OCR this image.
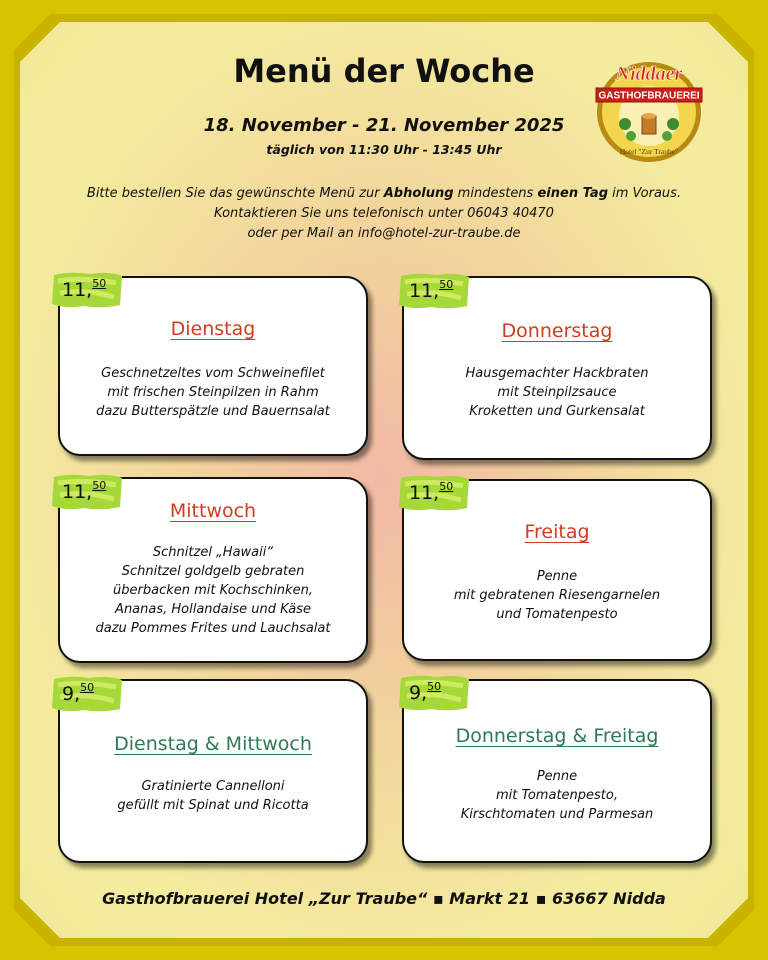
Menü der Woche
18. November - 21. November 2025
täglich von 11:30 Uhr - 13:45 Uhr
Bitte bestellen Sie das gewünschte Menü zur Abholung mindestens einen Tag im Voraus.
Kontaktieren Sie uns telefonisch unter 06043 40470
oder per Mail an info@hotel-zur-traube.de
GASTHOFBRAUEREI
Niddaer
Hotel "Zur Traube"
Dienstag
Geschnetzeltes vom Schweinefilet
mit frischen Steinpilzen in Rahm
dazu Butterspätzle und Bauernsalat
11,50
Donnerstag
Hausgemachter Hackbraten
mit Steinpilzsauce
Kroketten und Gurkensalat
11,50
Mittwoch
Schnitzel „Hawaii“
Schnitzel goldgelb gebraten
überbacken mit Kochschinken,
Ananas, Hollandaise und Käse
dazu Pommes Frites und Lauchsalat
11,50
Freitag
Penne
mit gebratenen Riesengarnelen
und Tomatenpesto
11,50
Dienstag & Mittwoch
Gratinierte Cannelloni
gefüllt mit Spinat und Ricotta
9,50
Donnerstag & Freitag
Penne
mit Tomatenpesto,
Kirschtomaten und Parmesan
9,50
Gasthofbrauerei Hotel „Zur Traube“ ▪ Markt 21 ▪ 63667 Nidda
